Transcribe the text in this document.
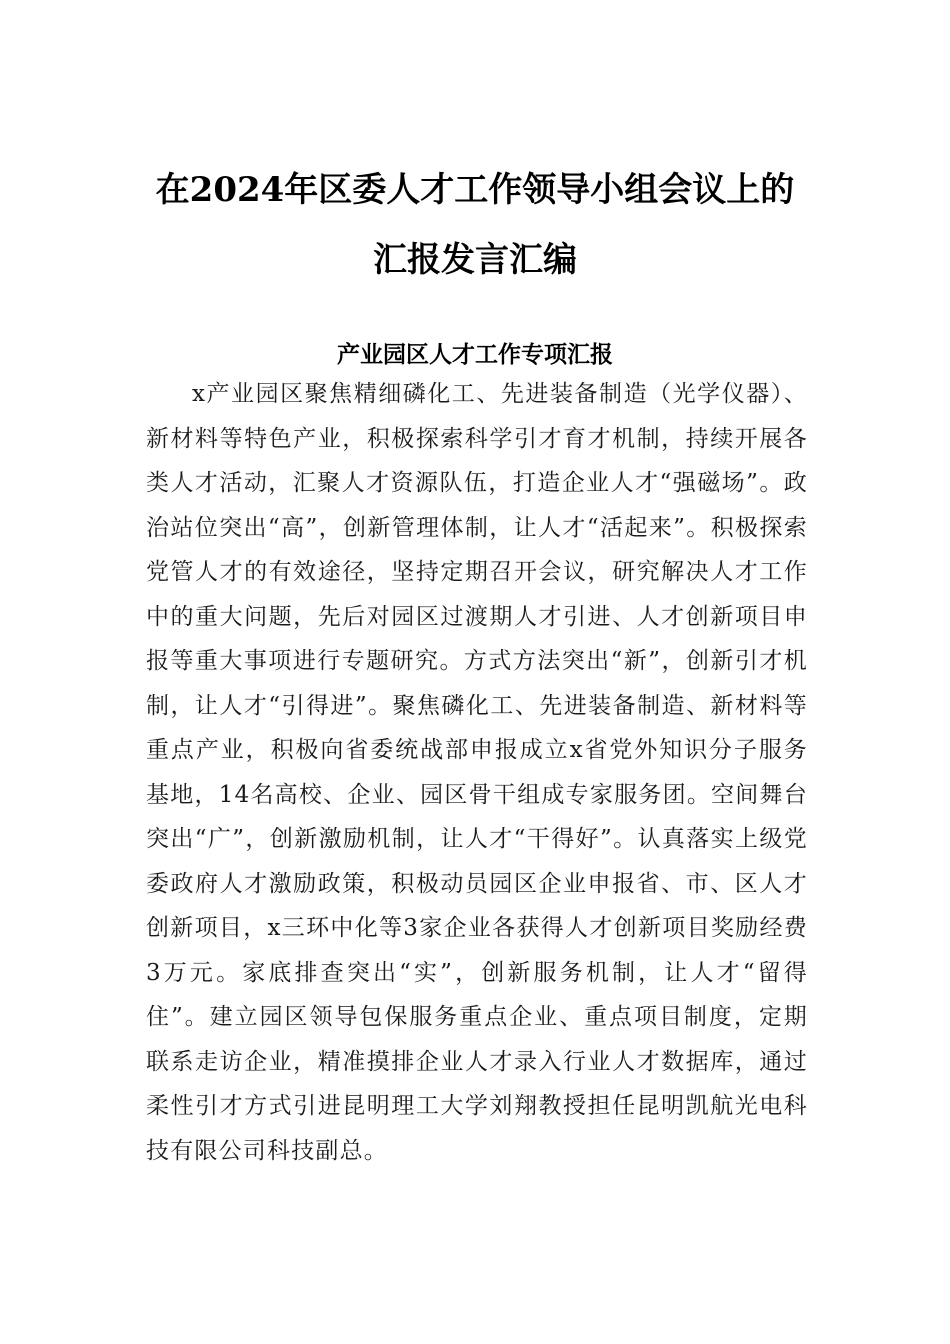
在2024年区委人才工作领导小组会议上的
汇报发言汇编
产业园区人才工作专项汇报

x产业园区聚焦精细磷化工、先进装备制造（光学仪器）、新材料等特色产业，积极探索科学引才育才机制，持续开展各类人才活动，汇聚人才资源队伍，打造企业人才“强磁场”。政治站位突出“高”，创新管理体制，让人才“活起来”。积极探索党管人才的有效途径，坚持定期召开会议，研究解决人才工作中的重大问题，先后对园区过渡期人才引进、人才创新项目申报等重大事项进行专题研究。方式方法突出“新”，创新引才机制，让人才“引得进”。聚焦磷化工、先进装备制造、新材料等重点产业，积极向省委统战部申报成立x省党外知识分子服务基地，14名高校、企业、园区骨干组成专家服务团。空间舞台突出“广”，创新激励机制，让人才“干得好”。认真落实上级党委政府人才激励政策，积极动员园区企业申报省、市、区人才创新项目，x三环中化等3家企业各获得人才创新项目奖励经费3万元。家底排查突出“实”，创新服务机制，让人才“留得住”。建立园区领导包保服务重点企业、重点项目制度，定期联系走访企业，精准摸排企业人才录入行业人才数据库，通过柔性引才方式引进昆明理工大学刘翔教授担任昆明凯航光电科技有限公司科技副总。
